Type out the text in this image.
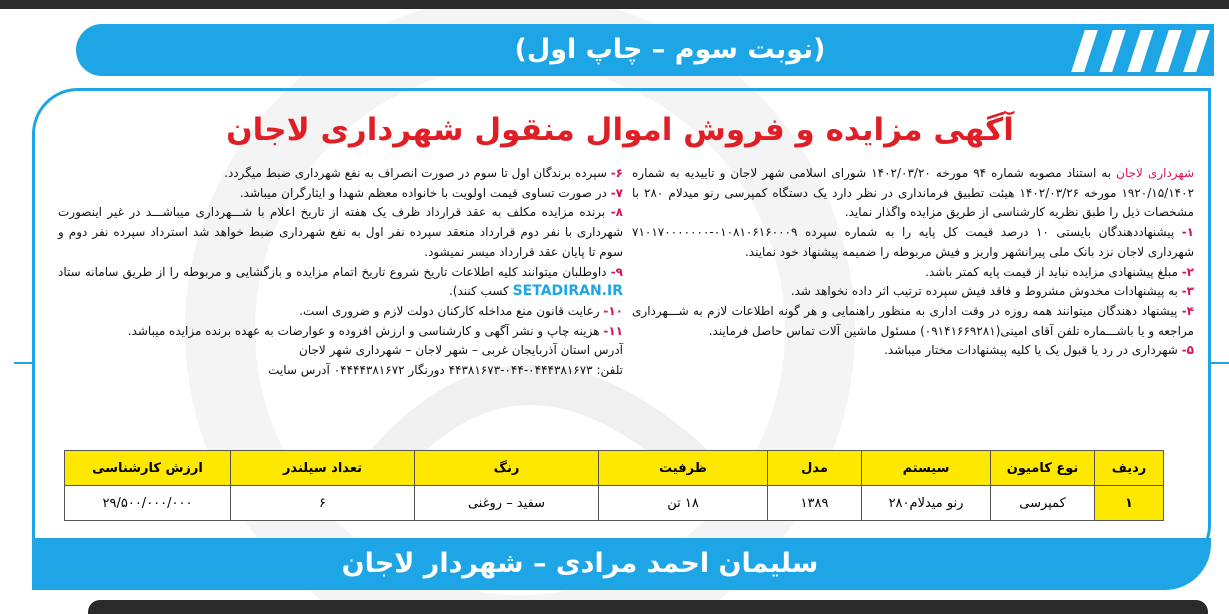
(نوبت سوم – چاپ اول)
آگهی مزایده و فروش اموال منقول شهرداری لاجان

شهرداری لاجان به استناد مصوبه شماره ۹۴ مورخه ۱۴۰۲/۰۳/۲۰ شورای اسلامی شهر لاجان و تاییدیه به شماره ۱۹۲۰/۱۵/۱۴۰۲ مورخه ۱۴۰۲/۰۳/۲۶ هیئت تطبیق فرمانداری در نظر دارد یک دستگاه کمپرسی رنو میدلام ۲۸۰ با مشخصات ذیل را طبق نظریه کارشناسی از طریق مزایده واگذار نماید.

۱- پیشنهاددهندگان بایستی ۱۰ درصد قیمت کل پایه را به شماره سپرده ۰۱۰۸۱۰۶۱۶۰۰۰۹-۷۱۰۱۷۰۰۰۰۰۰۰ شهرداری لاجان نزد بانک ملی پیرانشهر واریز و فیش مربوطه را ضمیمه پیشنهاد خود نمایند.

۲- مبلغ پیشنهادی مزایده نباید از قیمت پایه کمتر باشد.

۳- به پیشنهادات مخدوش مشروط و فاقد فیش سپرده ترتیب اثر داده نخواهد شد.

۴- پیشنهاد دهندگان میتوانند همه روزه در وقت اداری به منظور راهنمایی و هر گونه اطلاعات لازم به شـــهرداری مراجعه و یا باشـــماره تلفن آقای امینی(۰۹۱۴۱۶۶۹۲۸۱) مسئول ماشین آلات تماس حاصل فرمایند.

۵- شهرداری در رد یا قبول یک یا کلیه پیشنهادات مختار میباشد.

۶- سپرده برندگان اول تا سوم در صورت انصراف به نفع شهرداری ضبط میگردد.

۷- در صورت تساوی قیمت اولویت با خانواده معظم شهدا و ایثارگران میباشد.

۸- برنده مزایده مکلف به عقد قرارداد ظرف یک هفته از تاریخ اعلام با شـــهرداری میباشـــد در غیر اینصورت شهرداری با نفر دوم قرارداد منعقد سپرده نفر اول به نفع شهرداری ضبط خواهد شد استرداد سپرده نفر دوم و سوم تا پایان عقد قرارداد میسر نمیشود.

۹- داوطلبان میتوانند کلیه اطلاعات تاریخ شروع تاریخ اتمام مزایده و بازگشایی و مربوطه را از طریق سامانه ستاد SETADIRAN.IR کسب کنند).

۱۰- رعایت قانون منع مداخله کارکنان دولت لازم و ضروری است.

۱۱- هزینه چاپ و نشر آگهی و کارشناسی و ارزش افزوده و عوارضات به عهده برنده مزایده میباشد.

آدرس استان آذربایجان غربی – شهر لاجان – شهرداری شهر لاجان

تلفن: ۰۴۴۴۳۸۱۶۷۳-۰۴۴-۴۴۳۸۱۶۷۳ دورنگار ۰۴۴۴۴۳۸۱۶۷۲ آدرس سایت

ردیف	نوع کامیون	سیستم	مدل	ظرفیت	رنگ	تعداد سیلندر	ارزش کارشناسی
۱	کمپرسی	رنو میدلام۲۸۰	۱۳۸۹	۱۸ تن	سفید – روغنی	۶	۲۹/۵۰۰/۰۰۰/۰۰۰
سلیمان احمد مرادی – شهردار لاجان
